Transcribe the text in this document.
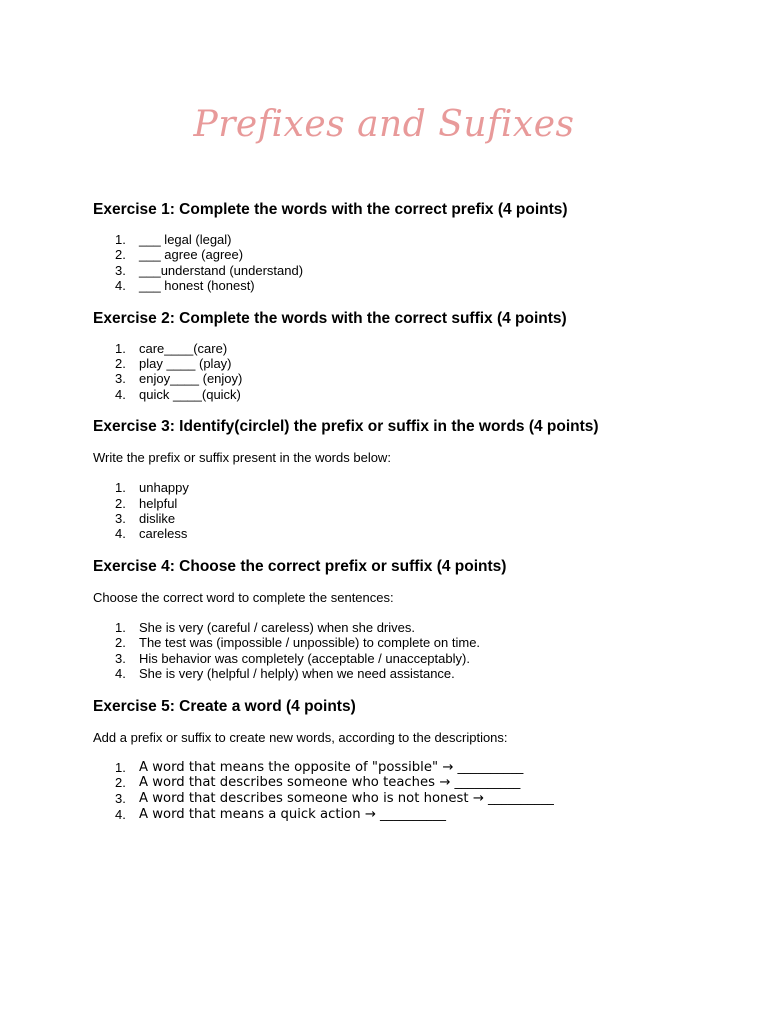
Prefixes and Sufixes
Exercise 1: Complete the words with the correct prefix (4 points)
1. ___ legal (legal)
2. ___ agree (agree)
3. ___understand (understand)
4. ___ honest (honest)
Exercise 2: Complete the words with the correct suffix (4 points)
1. care____(care)
2. play ____ (play)
3. enjoy____ (enjoy)
4. quick ____(quick)
Exercise 3: Identify(circlel) the prefix or suffix in the words (4 points)

Write the prefix or suffix present in the words below:

1. unhappy
2. helpful
3. dislike
4. careless
Exercise 4: Choose the correct prefix or suffix (4 points)

Choose the correct word to complete the sentences:

1. She is very (careful / careless) when she drives.
2. The test was (impossible / unpossible) to complete on time.
3. His behavior was completely (acceptable / unacceptably).
4. She is very (helpful / helply) when we need assistance.
Exercise 5: Create a word (4 points)

Add a prefix or suffix to create new words, according to the descriptions:

1. A word that means the opposite of "possible" → __________
2. A word that describes someone who teaches → __________
3. A word that describes someone who is not honest → __________
4. A word that means a quick action → __________
